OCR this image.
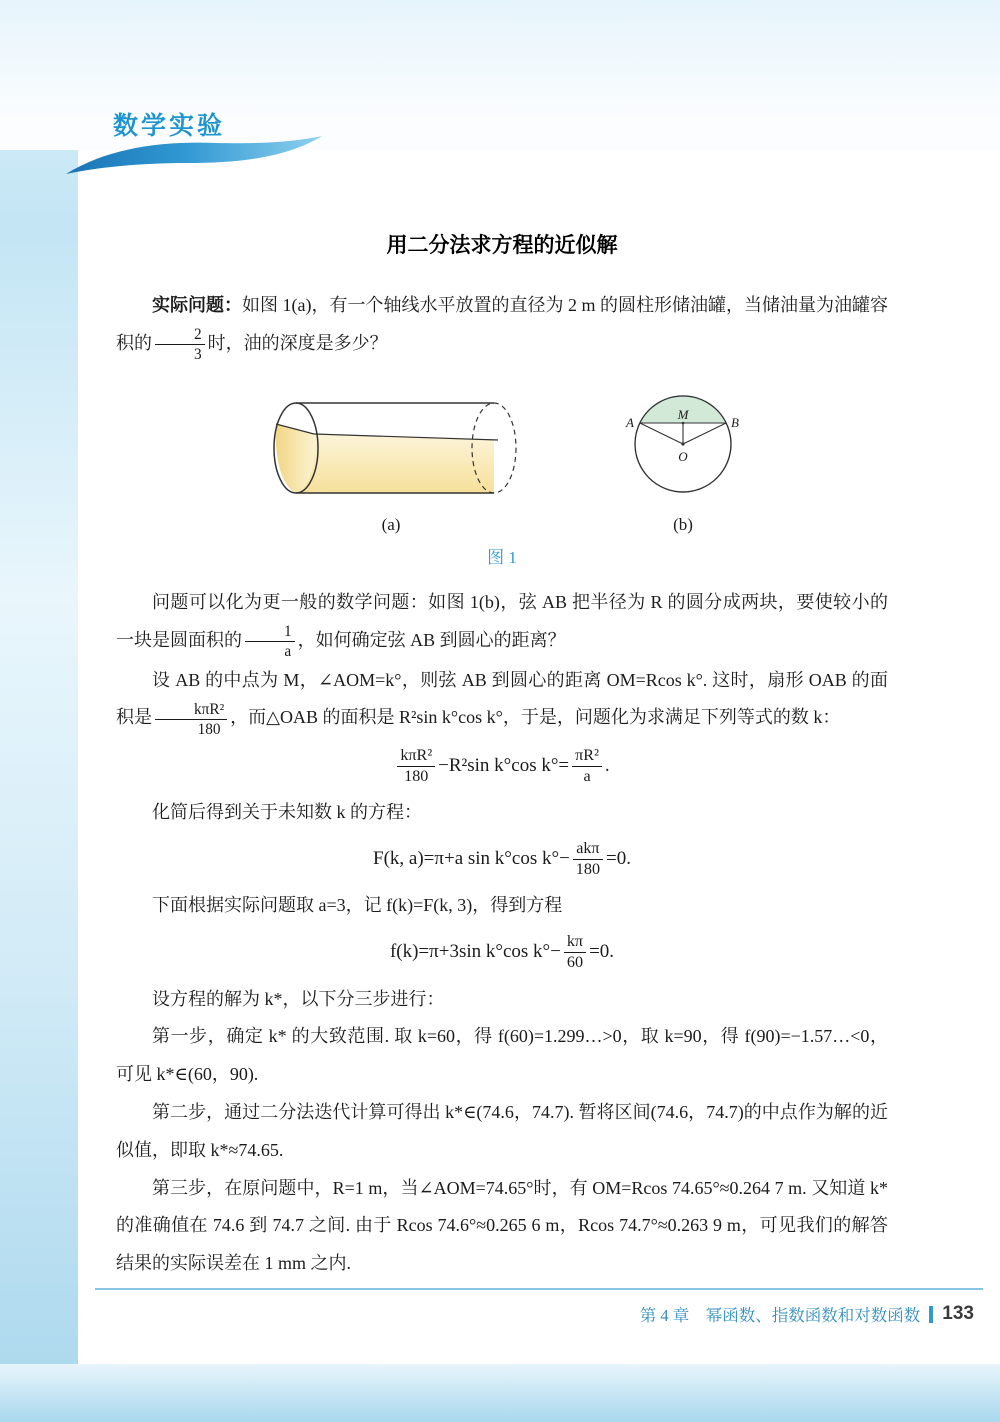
数学实验
用二分法求方程的近似解

实际问题：如图 1(a)，有一个轴线水平放置的直径为 2 m 的圆柱形储油罐，当储油量为油罐容积的 $\frac{2}{3}$ 时，油的深度是多少？

(a)
A	B
M
O
(b)
图 1

问题可以化为更一般的数学问题：如图 1(b)，弦 AB 把半径为 R 的圆分成两块，要使较小的一块是圆面积的 $\frac{1}{a}$ ，如何确定弦 AB 到圆心的距离？

设 AB 的中点为 M，∠AOM=k°，则弦 AB 到圆心的距离 OM=Rcos k°. 这时，扇形 OAB 的面积是 $\frac{\text{kπR²}}{180}$ ，而△OAB 的面积是 R²sin k°cos k°，于是，问题化为求满足下列等式的数 k：

$\frac{\text{kπR²}}{180} -R^2\sin$ k°cos $k^\circ= \frac{\text{πR²}}{a}$ .

化简后得到关于未知数 k 的方程：

F(k, a)=π+a sin k°cos $k^\circ- \frac{\text{akπ}}{180} =0$.

下面根据实际问题取 a=3，记 f(k)=F(k, 3)，得到方程

f(k)=π+3sin k°cos $k^\circ- \frac{k\pi}{60} =0$.

设方程的解为 k*，以下分三步进行：

第一步，确定 k* 的大致范围. 取 k=60，得 f(60)=1.299…>0，取 k=90，得 f(90)=−1.57…<0，可见 k*∈(60，90).

第二步，通过二分法迭代计算可得出 k*∈(74.6，74.7). 暂将区间(74.6，74.7)的中点作为解的近似值，即取 k*≈74.65.

第三步，在原问题中，R=1 m，当∠AOM=74.65°时，有 OM=Rcos 74.65°≈0.264 7 m. 又知道 k* 的准确值在 74.6 到 74.7 之间. 由于 Rcos 74.6°≈0.265 6 m，Rcos 74.7°≈0.263 9 m，可见我们的解答结果的实际误差在 1 mm 之内.

第 4 章　幂函数、指数函数和对数函数 133
